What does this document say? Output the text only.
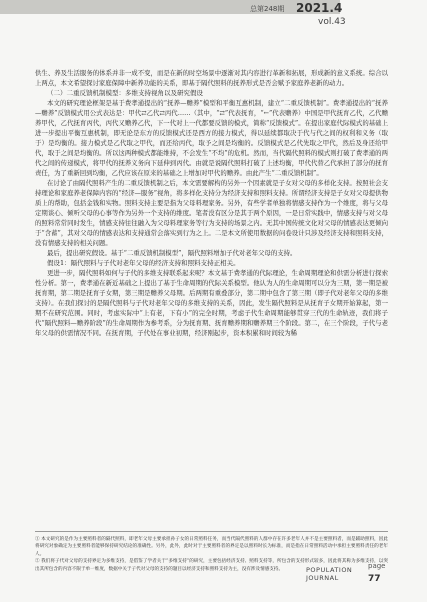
总第248期 2021.4
vol.43

供生、养及生活服务的体系并非一成不变，而是在新的时空场景中逐渐对其内容进行革新和拓展，形成新的意义系统。综合以上两点，本文希望探讨家庭保障中新养功能的关系，即基于隔代照料的抚养形式是否会赋予家庭养老新的动力。

（二）二重反馈机制模型：多维支持视角以及研究假设

本文的研究理论框架是基于费孝通提出的“抚养—赡养”模型和平衡互惠机制，建立“二重反馈机制”。费孝通提出的“抚养—赡养”反馈模式用公式表达是：甲代⇄乙代⇄丙代……（其中，“⇄”代表抚育，“←”代表赡养）中国是甲代抚育乙代，乙代赡养甲代，乙代抚育丙代，丙代又赡养乙代，下一代对上一代都要反馈的模式，简称“反馈模式”。在提出家庭代际模式的基础上进一步提出平衡互惠机制，即无论是东方的反馈模式还是西方的接力模式，得以延续都取决于代与代之间的权利和义务（取于）是均衡的。接力模式是乙代取之甲代，而还给丙代，取予之间是均衡的。反馈模式是乙代先取之甲代，然后及身还给甲代，取于之间是均衡的。所以这两种模式都能维持，不会发生“不均”的危机。然而，当代隔代照料的模式则打破了费孝通的两代之间的传递模式，将甲代的抚养义务向下延伸到丙代。由就是说隔代照料打破了上述均衡，甲代代替乙代承担了部分的抚育责任，为了重新回到均衡，乙代应该在原来的基础之上增加对甲代的赡养。由此产生“二重反馈机制”。

在讨论了由隔代照料产生的二重反馈机制之后，本文需要解构的另外一个因素就是子女对父母的多样化支持。按照社会支持理论和家庭养老保障内容的“经济—服务”视角，将多样化支持分为经济支持和照料支持。所谓经济支持是子女对父母提供物质上的帮助，包括金钱和实物。照料支持主要是指为父母料理家务。另外，有些学者单独将情感支持作为一个维度，将与父母定期谈心、倾听父母的心事等作为另外一个支持的维度。笔者没有区分是其于两个原因，一是日常实践中，情感支持与对父母的照料常常同时发生，情感支持往往融入为父母料理家务等行为支持的场景之内。无其中国传统文化对父母的情感表达更倾向于“含蓄”，其对父母的情感表达和支持通常会落实到行为之上。二是本文所使用数据的问卷设计只涉及经济支持和照料支持，没有情感支持的相关问题。

最后，提出研究假设。基于“二重反馈机制模型”，隔代照料增加子代对老年父母的支持。

假设1：隔代照料与子代对老年父母的经济支持和照料支持正相关。

更进一步，隔代照料如何与子代的多维支持联系起来呢？本文基于费孝通的代际理论，生命周期理论和供需分析进行探索性分析。第一，费孝通在新近基础之上提出了基于生命周期的代际关系模型。他认为人的生命周期可以分为三期，第一期是被抚育期，第二期是抚育子女期，第三期是赡养父母期。后两期有重叠部分，第二期中包含了第三期（即子代对老年父母的多维支持）。在我们探讨的是隔代照料与子代对老年父母的多维支持的关系，因此，发生隔代照料是从抚育子女期开始算起，第一期不在研究范围。同时，考虑实际中“上有老，下有小”的完全时期，考虑子代生命周期能够贯穿三代的生命轨迹，我们将子代“隔代照料—赡养阶段”的生命周期作为参考系，分为抚育期、抚育赡养期和赡养期三个阶段。第二，在三个阶段，子代与老年父母的供需情况不同。在抚育期，子代处在事业初期，经济刚起步，资本积累和时间较为稀

① 本文研究的是作为主要照料者的隔代照料，即老年父母主要承担孙子女的日常照料任务，而当代隔代照料的人群中存在许多老年人并不是主要照料者，而是辅助照料，因此将研究对象确定为主要照料者能够保持研究结论的准确性。另外，此外，此时对于主要照料者的界定是以照料时长为标准，而是指在日常照料活动中承担主要照料责任的老年人。

② 我们将子代对父母的支持界定为多维支持，是借鉴了学者关于“多维支持”的研究，主要包括经济支持、照料支持等，所包含的支持形式较多，因此将其称为多维支持，以突出其所包含的内容不限于单一维度，数据中关于子代对父母的支持的题目以经济支持和照料支持为主，没有涉及情感支持。	POPULATION
JOURNAL
page
77
